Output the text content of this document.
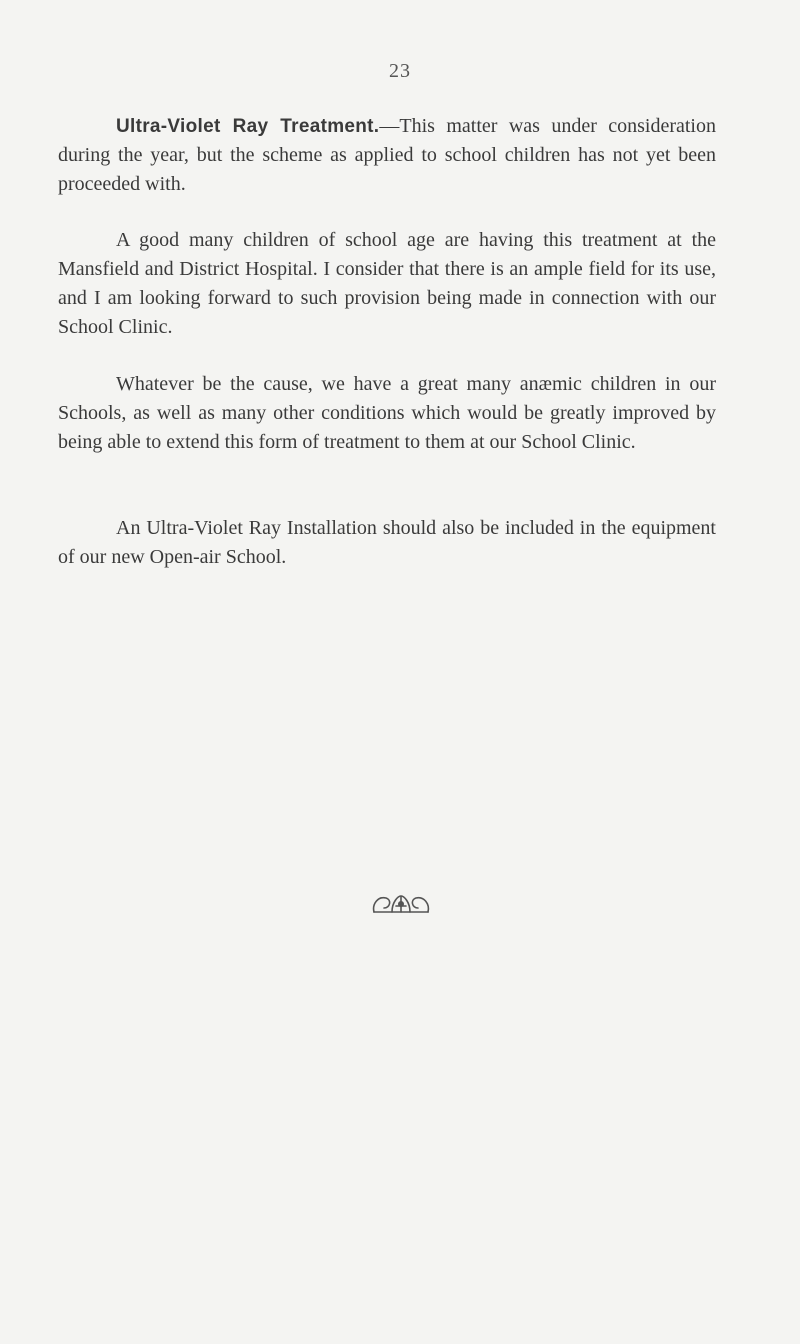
23
Ultra-Violet Ray Treatment.—This matter was under consideration during the year, but the scheme as applied to school children has not yet been proceeded with.
A good many children of school age are having this treatment at the Mansfield and District Hospital. I consider that there is an ample field for its use, and I am looking forward to such provision being made in connection with our School Clinic.
Whatever be the cause, we have a great many anæmic children in our Schools, as well as many other conditions which would be greatly improved by being able to extend this form of treatment to them at our School Clinic.
An Ultra-Violet Ray Installation should also be included in the equipment of our new Open-air School.
